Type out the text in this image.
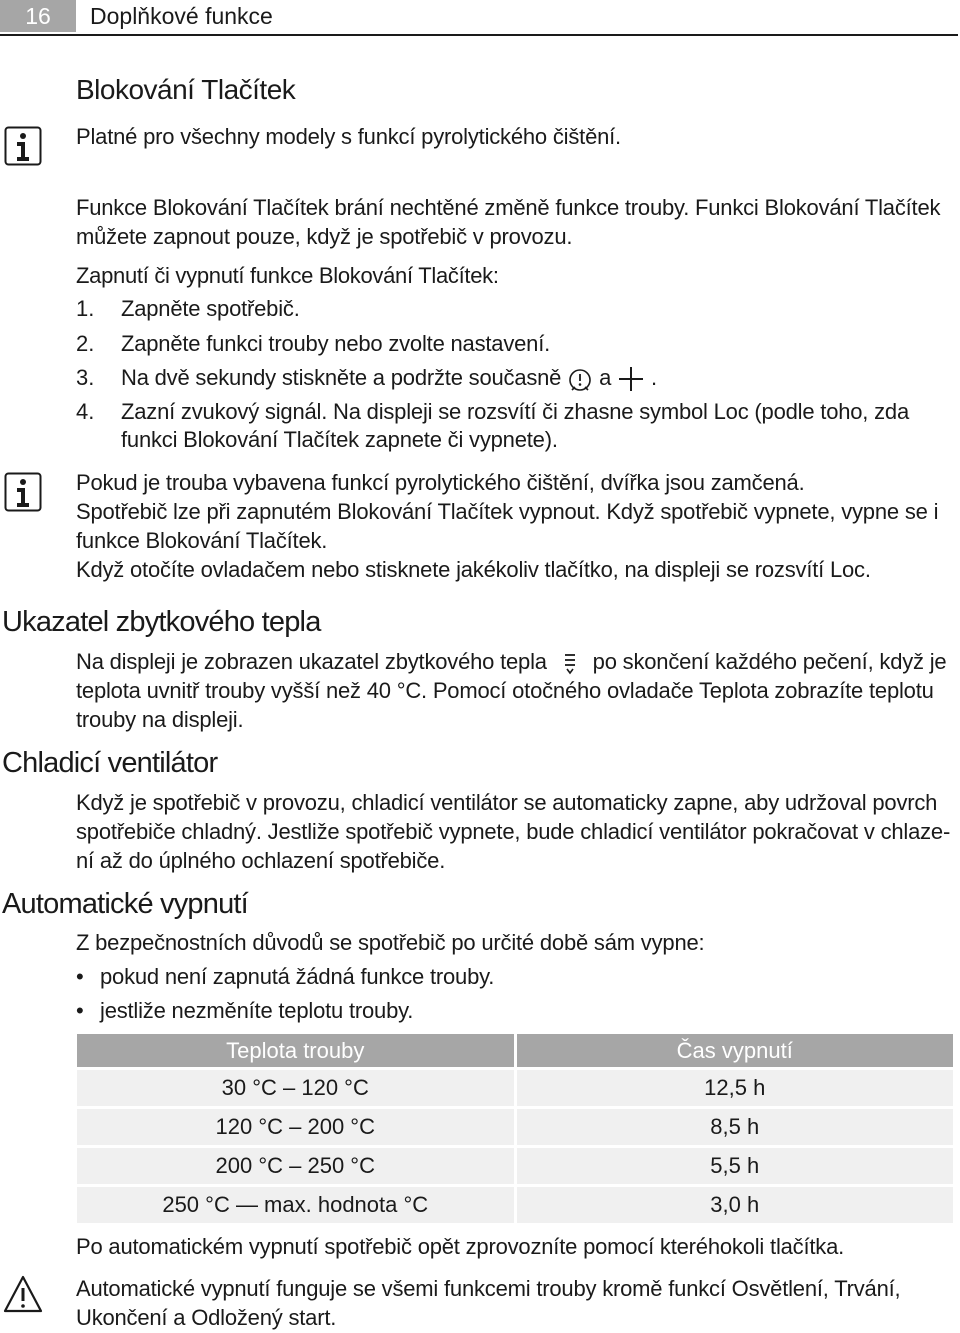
16	Doplňkové funkce
Blokování Tlačítek
Platné pro všechny modely s funkcí pyrolytického čištění.
Funkce Blokování Tlačítek brání nechtěné změně funkce trouby. Funkci Blokování Tlačítek
můžete zapnout pouze, když je spotřebič v provozu.
Zapnutí či vypnutí funkce Blokování Tlačítek:
1. Zapněte spotřebič.
2. Zapněte funkci trouby nebo zvolte nastavení.
3. Na dvě sekundy stiskněte a podržte současně a .
4. Zazní zvukový signál. Na displeji se rozsvítí či zhasne symbol Loc (podle toho, zda
funkci Blokování Tlačítek zapnete či vypnete).
Pokud je trouba vybavena funkcí pyrolytického čištění, dvířka jsou zamčená.
Spotřebič lze při zapnutém Blokování Tlačítek vypnout. Když spotřebič vypnete, vypne se i
funkce Blokování Tlačítek.
Když otočíte ovladačem nebo stisknete jakékoliv tlačítko, na displeji se rozsvítí Loc.
Ukazatel zbytkového tepla
Na displeji je zobrazen ukazatel zbytkového tepla po skončení každého pečení, když je
teplota uvnitř trouby vyšší než 40 °C. Pomocí otočného ovladače Teplota zobrazíte teplotu
trouby na displeji.
Chladicí ventilátor
Když je spotřebič v provozu, chladicí ventilátor se automaticky zapne, aby udržoval povrch
spotřebiče chladný. Jestliže spotřebič vypnete, bude chladicí ventilátor pokračovat v chlaze-
ní až do úplného ochlazení spotřebiče.
Automatické vypnutí
Z bezpečnostních důvodů se spotřebič po určité době sám vypne:
• pokud není zapnutá žádná funkce trouby.
• jestliže nezměníte teplotu trouby.
Teplota trouby	Čas vypnutí
30 °C – 120 °C	12,5 h
120 °C – 200 °C	8,5 h
200 °C – 250 °C	5,5 h
250 °C — max. hodnota °C	3,0 h
Po automatickém vypnutí spotřebič opět zprovozníte pomocí kteréhokoli tlačítka.
Automatické vypnutí funguje se všemi funkcemi trouby kromě funkcí Osvětlení, Trvání,
Ukončení a Odložený start.
